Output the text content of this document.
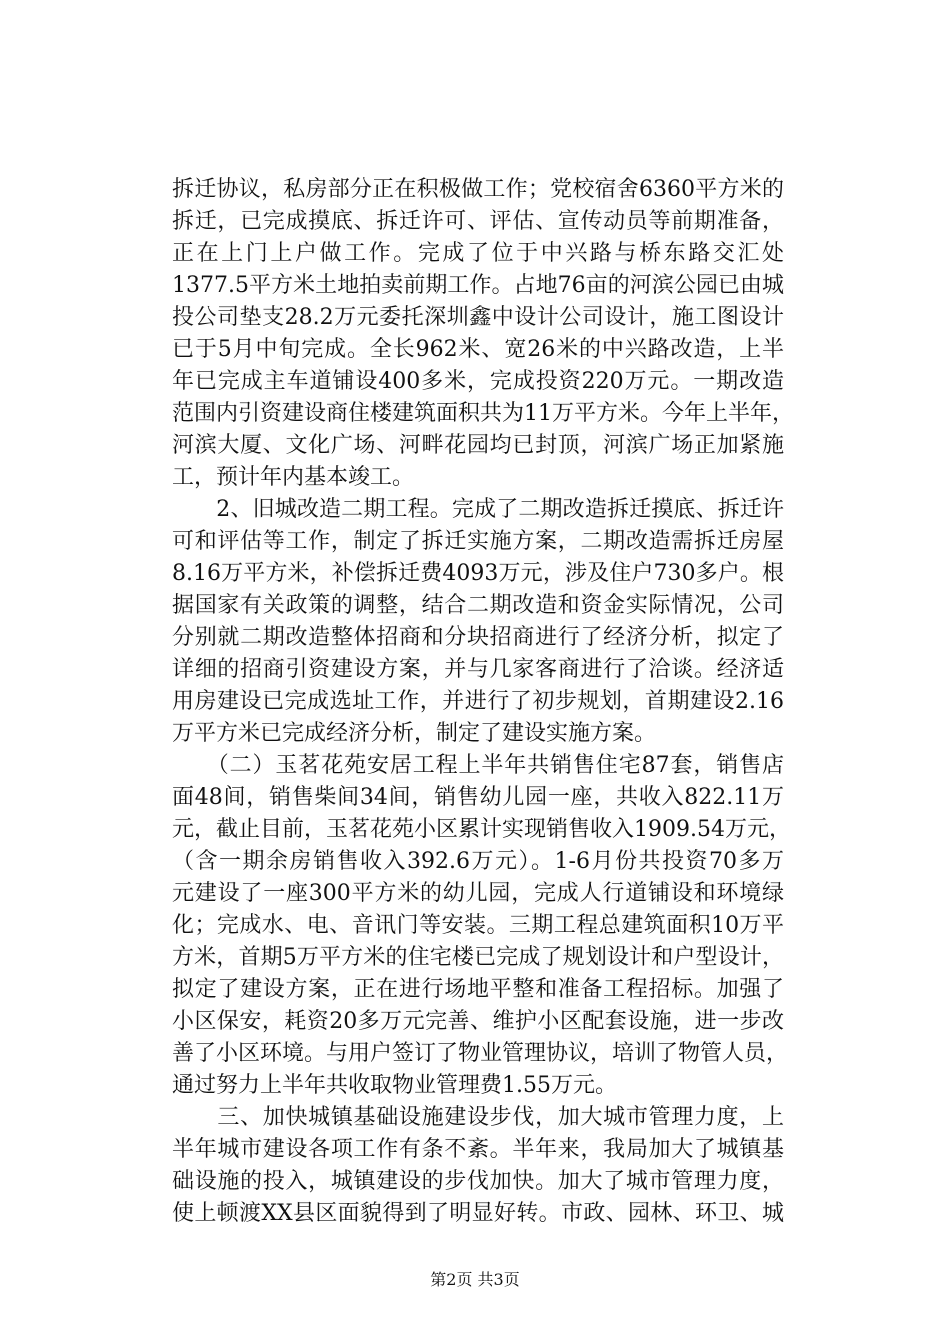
拆迁协议，私房部分正在积极做工作；党校宿舍6360平方米的
拆迁，已完成摸底、拆迁许可、评估、宣传动员等前期准备，
正在上门上户做工作。完成了位于中兴路与桥东路交汇处
1377.5平方米土地拍卖前期工作。占地76亩的河滨公园已由城
投公司垫支28.2万元委托深圳鑫中设计公司设计，施工图设计
已于5月中旬完成。全长962米、宽26米的中兴路改造，上半
年已完成主车道铺设400多米，完成投资220万元。一期改造
范围内引资建设商住楼建筑面积共为11万平方米。今年上半年，
河滨大厦、文化广场、河畔花园均已封顶，河滨广场正加紧施
工，预计年内基本竣工。
　　2、旧城改造二期工程。完成了二期改造拆迁摸底、拆迁许
可和评估等工作，制定了拆迁实施方案，二期改造需拆迁房屋
8.16万平方米，补偿拆迁费4093万元，涉及住户730多户。根
据国家有关政策的调整，结合二期改造和资金实际情况，公司
分别就二期改造整体招商和分块招商进行了经济分析，拟定了
详细的招商引资建设方案，并与几家客商进行了洽谈。经济适
用房建设已完成选址工作，并进行了初步规划，首期建设2.16
万平方米已完成经济分析，制定了建设实施方案。
　　（二）玉茗花苑安居工程上半年共销售住宅87套，销售店
面48间，销售柴间34间，销售幼儿园一座，共收入822.11万
元，截止目前，玉茗花苑小区累计实现销售收入1909.54万元，
（含一期余房销售收入392.6万元）。1-6月份共投资70多万
元建设了一座300平方米的幼儿园，完成人行道铺设和环境绿
化；完成水、电、音讯门等安装。三期工程总建筑面积10万平
方米，首期5万平方米的住宅楼已完成了规划设计和户型设计，
拟定了建设方案，正在进行场地平整和准备工程招标。加强了
小区保安，耗资20多万元完善、维护小区配套设施，进一步改
善了小区环境。与用户签订了物业管理协议，培训了物管人员，
通过努力上半年共收取物业管理费1.55万元。
　　三、加快城镇基础设施建设步伐，加大城市管理力度，上
半年城市建设各项工作有条不紊。半年来，我局加大了城镇基
础设施的投入，城镇建设的步伐加快。加大了城市管理力度，
使上顿渡XX县区面貌得到了明显好转。市政、园林、环卫、城
第2页 共3页
